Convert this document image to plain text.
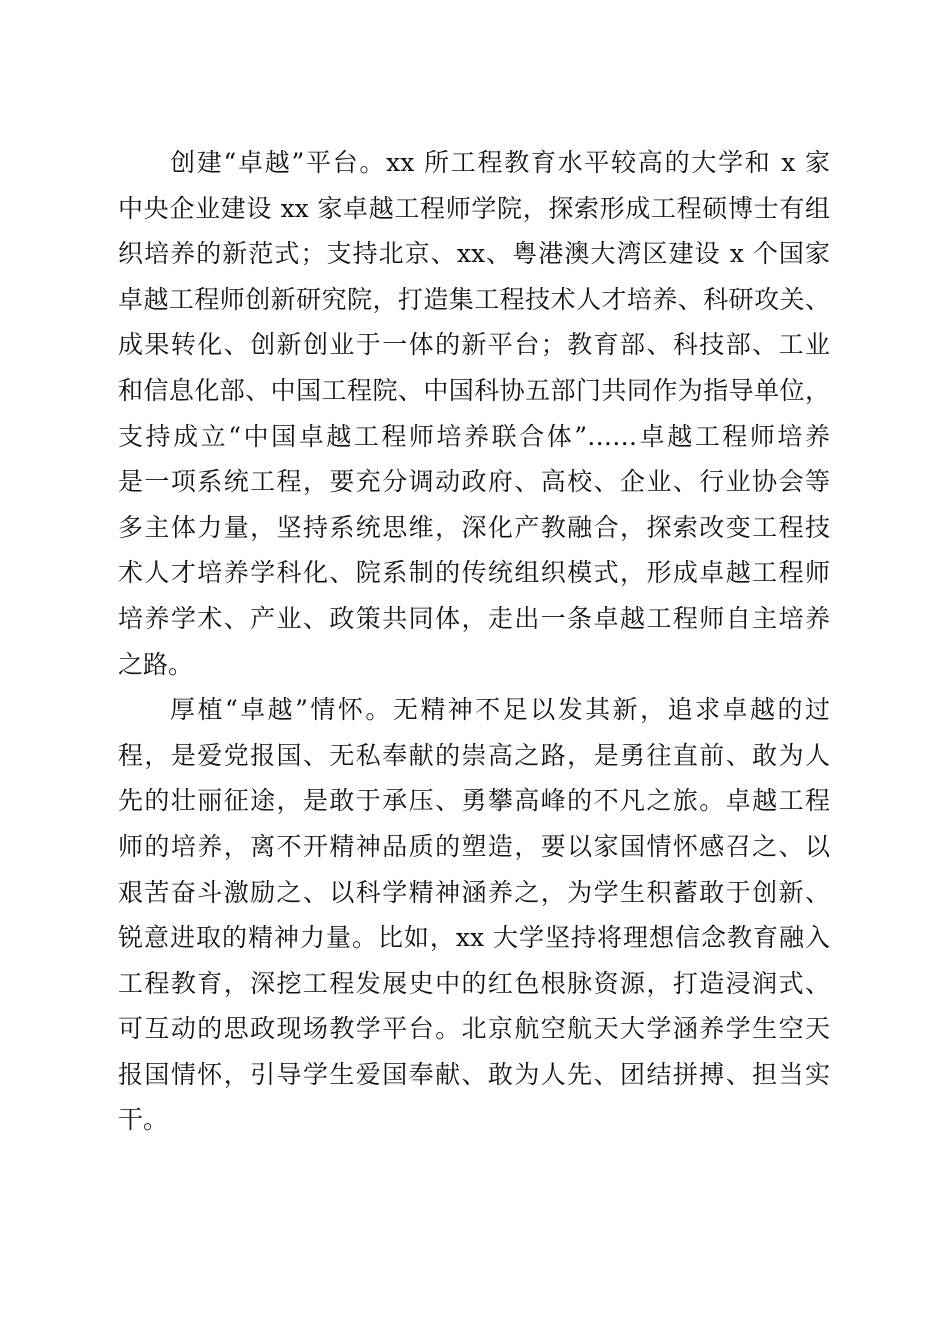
创建“卓越”平台。xx 所工程教育水平较高的大学和 x 家
中央企业建设 xx 家卓越工程师学院，探索形成工程硕博士有组
织培养的新范式；支持北京、xx、粤港澳大湾区建设 x 个国家
卓越工程师创新研究院，打造集工程技术人才培养、科研攻关、
成果转化、创新创业于一体的新平台；教育部、科技部、工业
和信息化部、中国工程院、中国科协五部门共同作为指导单位，
支持成立“中国卓越工程师培养联合体”……卓越工程师培养
是一项系统工程，要充分调动政府、高校、企业、行业协会等
多主体力量，坚持系统思维，深化产教融合，探索改变工程技
术人才培养学科化、院系制的传统组织模式，形成卓越工程师
培养学术、产业、政策共同体，走出一条卓越工程师自主培养
之路。
厚植“卓越”情怀。无精神不足以发其新，追求卓越的过
程，是爱党报国、无私奉献的崇高之路，是勇往直前、敢为人
先的壮丽征途，是敢于承压、勇攀高峰的不凡之旅。卓越工程
师的培养，离不开精神品质的塑造，要以家国情怀感召之、以
艰苦奋斗激励之、以科学精神涵养之，为学生积蓄敢于创新、
锐意进取的精神力量。比如，xx 大学坚持将理想信念教育融入
工程教育，深挖工程发展史中的红色根脉资源，打造浸润式、
可互动的思政现场教学平台。北京航空航天大学涵养学生空天
报国情怀，引导学生爱国奉献、敢为人先、团结拼搏、担当实
干。
